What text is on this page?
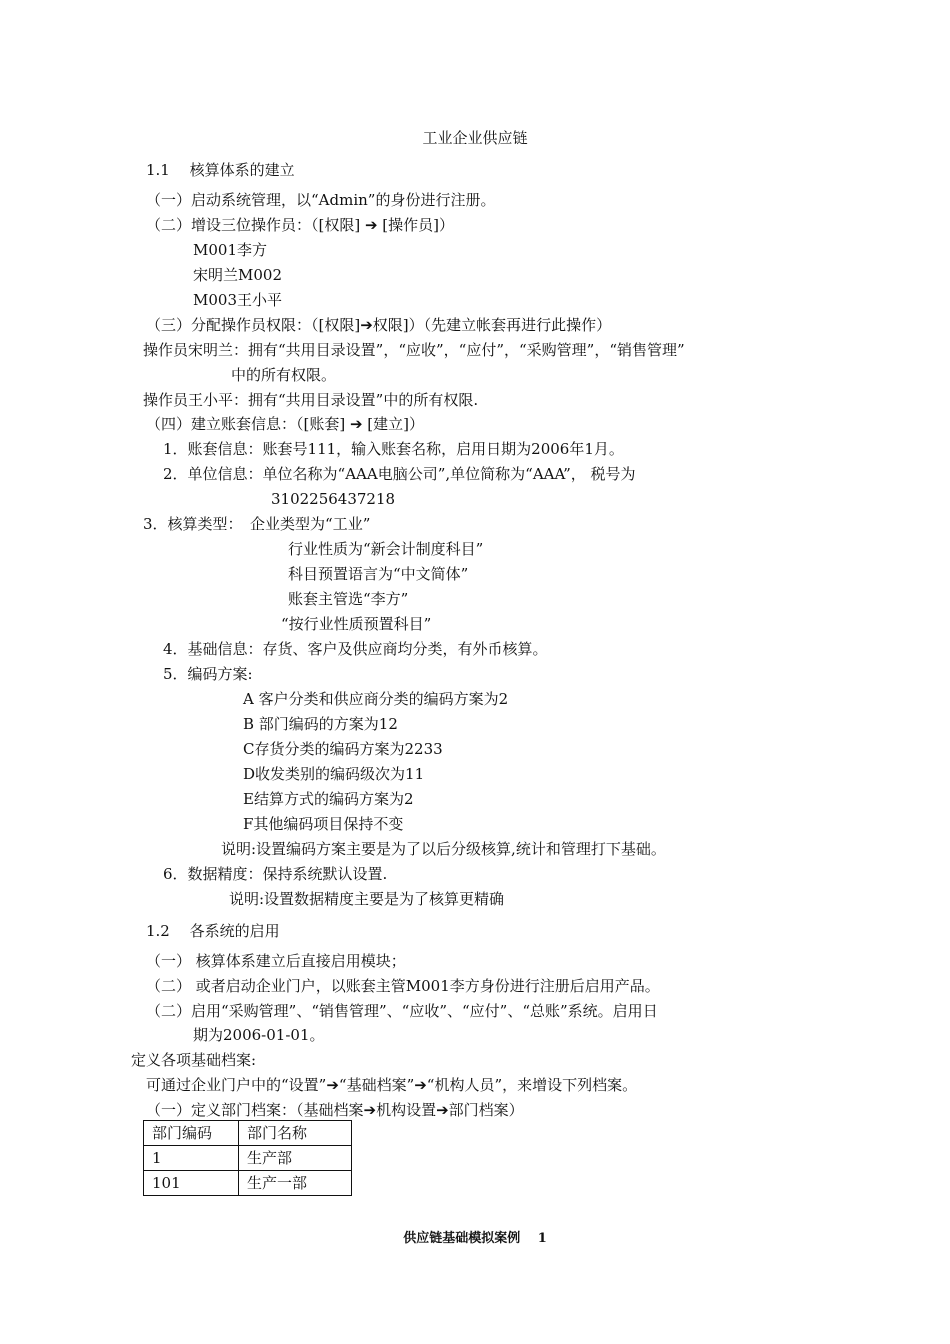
工业企业供应链
1.1　 核算体系的建立
（一）启动系统管理，以“Admin”的身份进行注册。
（二）增设三位操作员：（[权限] ➔ [操作员]）
M001李方
宋明兰M002
M003王小平
（三）分配操作员权限：（[权限]➔权限]）（先建立帐套再进行此操作）
操作员宋明兰：拥有“共用目录设置”，“应收”，“应付”，“采购管理”，“销售管理”
中的所有权限。
操作员王小平：拥有“共用目录设置”中的所有权限.
（四）建立账套信息：（[账套] ➔ [建立]）
1．账套信息：账套号111，输入账套名称，启用日期为2006年1月。
2．单位信息：单位名称为“AAA电脑公司”,单位简称为“AAA”， 税号为
3102256437218
3．核算类型：　企业类型为“工业”
行业性质为“新会计制度科目”
科目预置语言为“中文简体”
账套主管选“李方”
“按行业性质预置科目”
4．基础信息：存货、客户及供应商均分类，有外币核算。
5．编码方案:
A 客户分类和供应商分类的编码方案为2
B 部门编码的方案为12
C存货分类的编码方案为2233
D收发类别的编码级次为11
E结算方式的编码方案为2
F其他编码项目保持不变
说明:设置编码方案主要是为了以后分级核算,统计和管理打下基础。
6．数据精度：保持系统默认设置.
说明:设置数据精度主要是为了核算更精确
1.2　 各系统的启用
（一） 核算体系建立后直接启用模块；
（二） 或者启动企业门户，以账套主管M001李方身份进行注册后启用产品。
（二）启用“采购管理”、“销售管理”、“应收”、“应付”、“总账”系统。启用日
期为2006-01-01。
定义各项基础档案:
可通过企业门户中的“设置”➔“基础档案”➔“机构人员”，来增设下列档案。
（一）定义部门档案：（基础档案➔机构设置➔部门档案）
部门编码	部门名称
1	生产部
101	生产一部
供应链基础模拟案例　 1
